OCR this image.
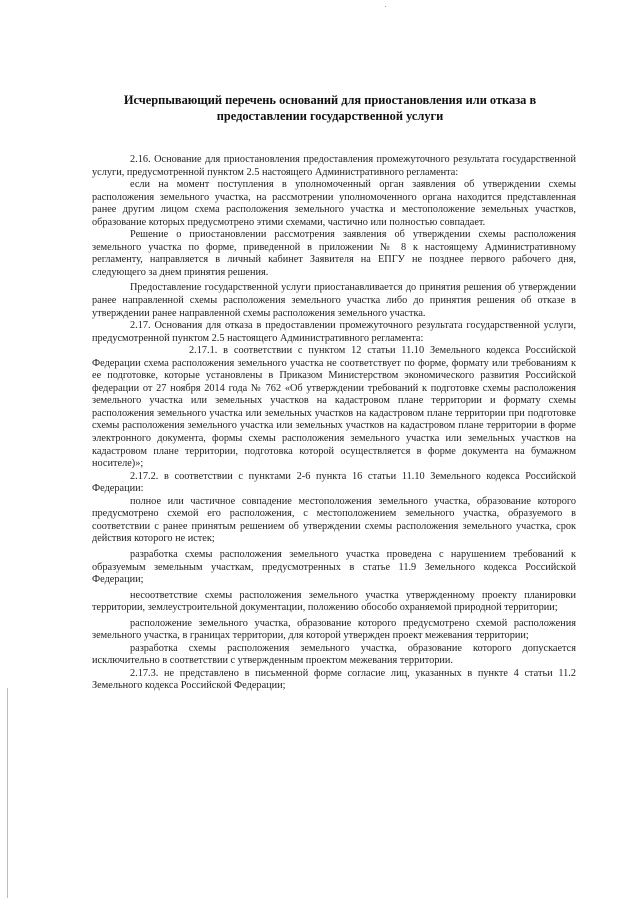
Исчерпывающий перечень оснований для приостановления или отказа в
предоставлении государственной услуги

2.16. Основание для приостановления предоставления промежуточного результата государственной услуги, предусмотренной пунктом 2.5 настоящего Административного регламента:

если на момент поступления в уполномоченный орган заявления об утверждении схемы расположения земельного участка, на рассмотрении уполномоченного органа находится представленная ранее другим лицом схема расположения земельного участка и местоположение земельных участков, образование которых предусмотрено этими схемами, частично или полностью совпадает.

Решение о приостановлении рассмотрения заявления об утверждении схемы расположения земельного участка по форме, приведенной в приложении № 8 к настоящему Административному регламенту, направляется в личный кабинет Заявителя на ЕПГУ не позднее первого рабочего дня, следующего за днем принятия решения.

Предоставление государственной услуги приостанавливается до принятия решения об утверждении ранее направленной схемы расположения земельного участка либо до принятия решения об отказе в утверждении ранее направленной схемы расположения земельного участка.

2.17. Основания для отказа в предоставлении промежуточного результата государственной услуги, предусмотренной пунктом 2.5 настоящего Административного регламента:

2.17.1. в соответствии с пунктом 12 статьи 11.10 Земельного кодекса Российской Федерации схема расположения земельного участка не соответствует по форме, формату или требованиям к ее подготовке, которые установлены в Приказом Министерством экономического развития Российской федерации от 27 ноября 2014 года № 762 «Об утверждении требований к подготовке схемы расположения земельного участка или земельных участков на кадастровом плане территории и формату схемы расположения земельного участка или земельных участков на кадастровом плане территории при подготовке схемы расположения земельного участка или земельных участков на кадастровом плане территории в форме электронного документа, формы схемы расположения земельного участка или земельных участков на кадастровом плане территории, подготовка которой осуществляется в форме документа на бумажном носителе)»;

2.17.2. в соответствии с пунктами 2-6 пункта 16 статьи 11.10 Земельного кодекса Российской Федерации:

полное или частичное совпадение местоположения земельного участка, образование которого предусмотрено схемой его расположения, с местоположением земельного участка, образуемого в соответствии с ранее принятым решением об утверждении схемы расположения земельного участка, срок действия которого не истек;

разработка схемы расположения земельного участка проведена с нарушением требований к образуемым земельным участкам, предусмотренных в статье 11.9 Земельного кодекса Российской Федерации;

несоответствие схемы расположения земельного участка утвержденному проекту планировки территории, землеустроительной документации, положению обособо охраняемой природной территории;

расположение земельного участка, образование которого предусмотрено схемой расположения земельного участка, в границах территории, для которой утвержден проект межевания территории;

разработка схемы расположения земельного участка, образование которого допускается исключительно в соответствии с утвержденным проектом межевания территории.

2.17.3. не представлено в письменной форме согласие лиц, указанных в пункте 4 статьи 11.2 Земельного кодекса Российской Федерации;
